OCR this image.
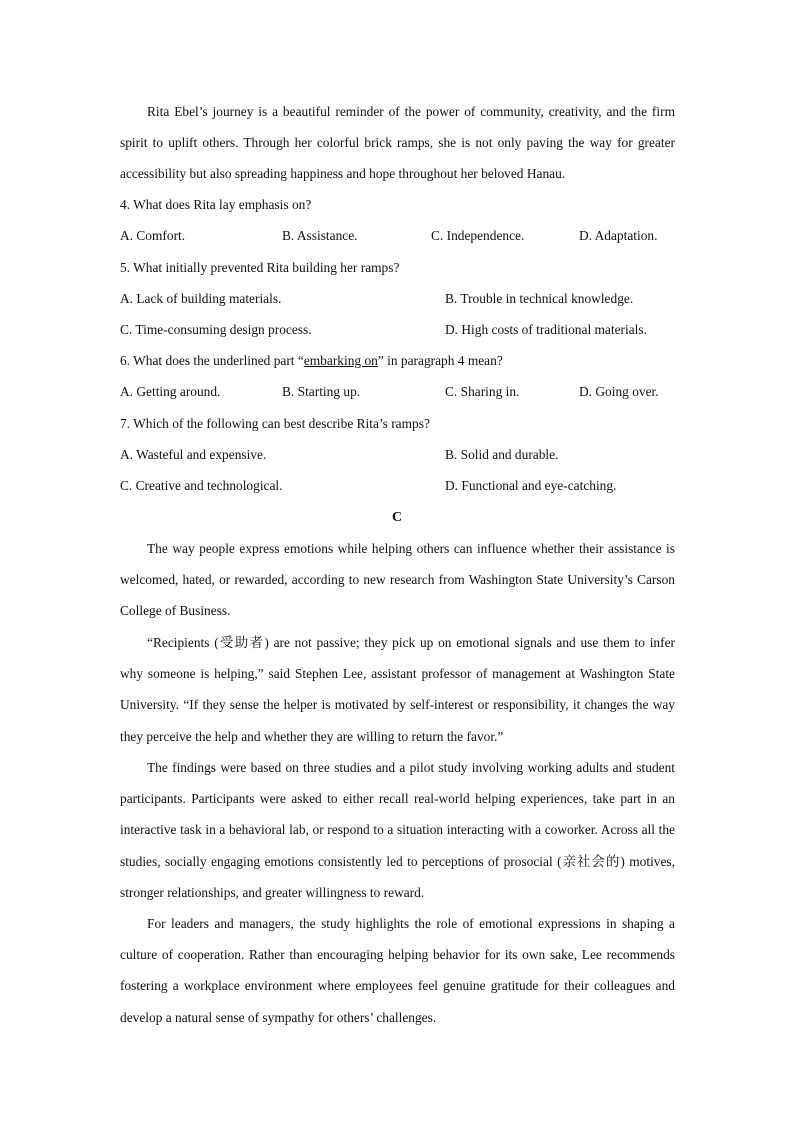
Rita Ebel’s journey is a beautiful reminder of the power of community, creativity, and the firm spirit to uplift others. Through her colorful brick ramps, she is not only paving the way for greater accessibility but also spreading happiness and hope throughout her beloved Hanau.

4. What does Rita lay emphasis on?

A. Comfort.	B. Assistance.	C. Independence.	D. Adaptation.

5. What initially prevented Rita building her ramps?

A. Lack of building materials.	B. Trouble in technical knowledge.

C. Time-consuming design process.	D. High costs of traditional materials.

6. What does the underlined part “embarking on” in paragraph 4 mean?

A. Getting around.	B. Starting up.	C. Sharing in.	D. Going over.

7. Which of the following can best describe Rita’s ramps?

A. Wasteful and expensive.	B. Solid and durable.

C. Creative and technological.	D. Functional and eye-catching.

C

The way people express emotions while helping others can influence whether their assistance is welcomed, hated, or rewarded, according to new research from Washington State University’s Carson College of Business.

“Recipients (受助者) are not passive; they pick up on emotional signals and use them to infer why someone is helping,” said Stephen Lee, assistant professor of management at Washington State University. “If they sense the helper is motivated by self-interest or responsibility, it changes the way they perceive the help and whether they are willing to return the favor.”

The findings were based on three studies and a pilot study involving working adults and student participants. Participants were asked to either recall real-world helping experiences, take part in an interactive task in a behavioral lab, or respond to a situation interacting with a coworker. Across all the studies, socially engaging emotions consistently led to perceptions of prosocial (亲社会的) motives, stronger relationships, and greater willingness to reward.

For leaders and managers, the study highlights the role of emotional expressions in shaping a culture of cooperation. Rather than encouraging helping behavior for its own sake, Lee recommends fostering a workplace environment where employees feel genuine gratitude for their colleagues and develop a natural sense of sympathy for others’ challenges.
